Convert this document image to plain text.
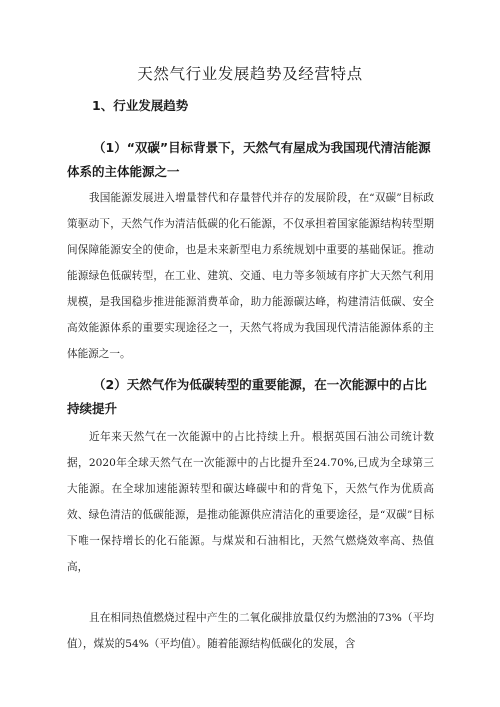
天然气行业发展趋势及经营特点
1、行业发展趋势
（1）“双碳”目标背景下，天然气有屋成为我国现代清洁能源体系的主体能源之一

我国能源发展进入增量替代和存量替代并存的发展阶段，在“双碳”目标政策驱动下，天然气作为清洁低碳的化石能源，不仅承担着国家能源结构转型期间保障能源安全的使命，也是未来新型电力系统规划中重要的基础保证。推动能源绿色低碳转型，在工业、建筑、交通、电力等多领域有序扩大天然气利用规模，是我国稳步推进能源消费革命，助力能源碳达峰，构建清洁低碳、安全高效能源体系的重要实现途径之一，天然气将成为我国现代清洁能源体系的主体能源之一。

（2）天然气作为低碳转型的重要能源，在一次能源中的占比持续提升

近年来天然气在一次能源中的占比持续上升。根据英国石油公司统计数据，2020年全球天然气在一次能源中的占比提升至24.70%,已成为全球第三大能源。在全球加速能源转型和碳达峰碳中和的背兔下，天然气作为优质高效、绿色清洁的低碳能源，是推动能源供应清洁化的重要途径，是“双碳”目标下唯一保持增长的化石能源。与煤炭和石油相比，天然气燃烧效率高、热值高，

且在相同热值燃烧过程中产生的二氧化碳排放量仅约为燃油的73%（平均值），煤炭的54%（平均值）。随着能源结构低碳化的发展，含
